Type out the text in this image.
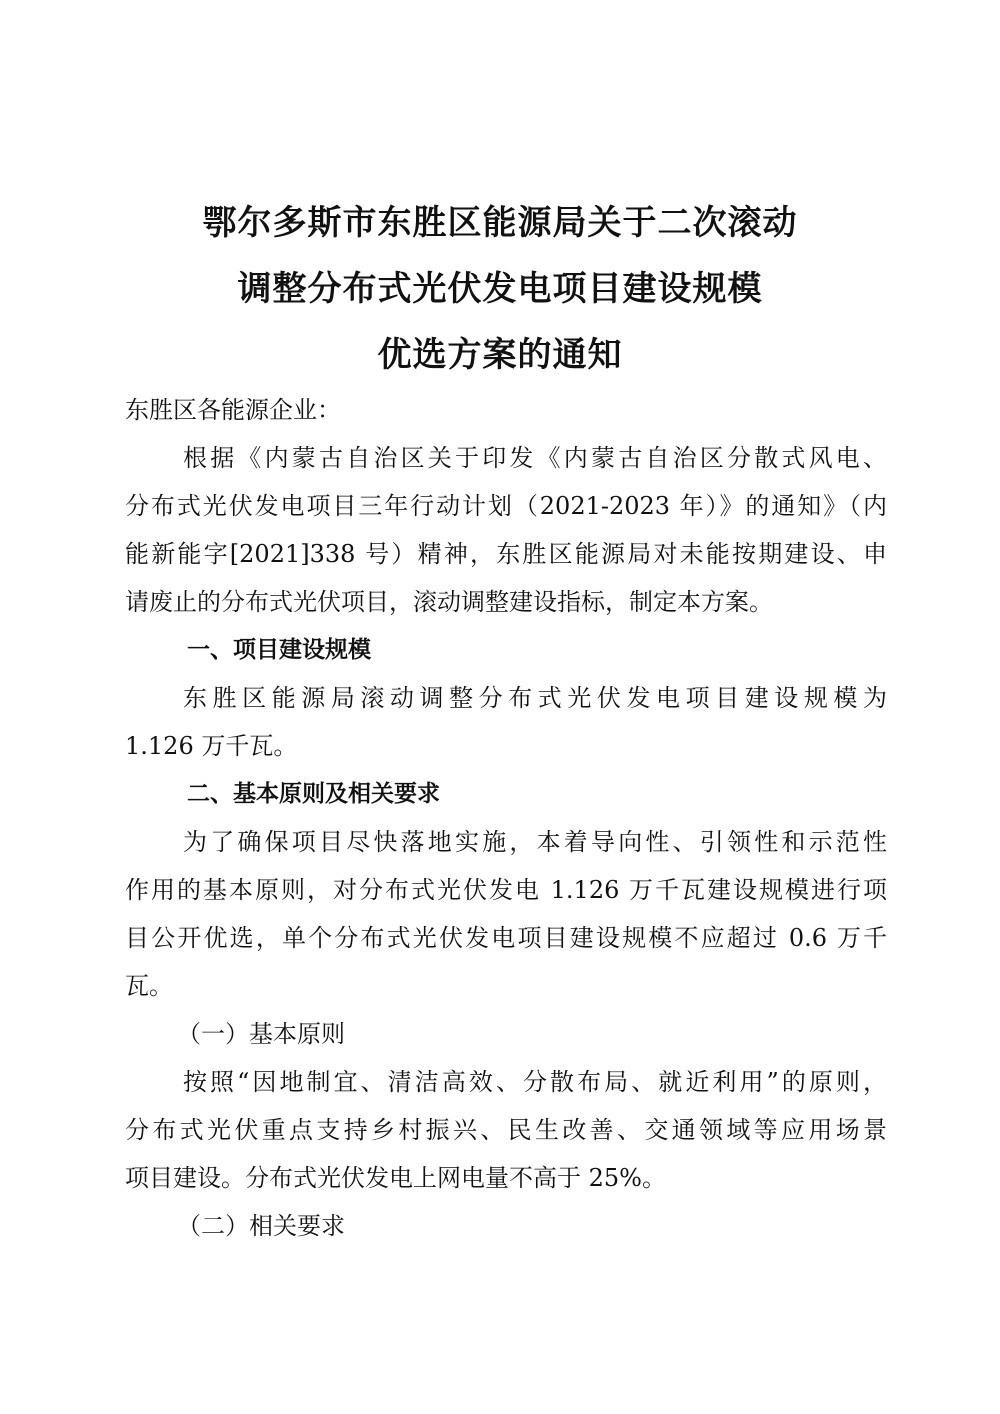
鄂尔多斯市东胜区能源局关于二次滚动
调整分布式光伏发电项目建设规模
优选方案的通知
东胜区各能源企业：
根据《内蒙古自治区关于印发《内蒙古自治区分散式风电、
分布式光伏发电项目三年行动计划（2021-2023 年）》的通知》（内
能新能字[2021]338 号）精神，东胜区能源局对未能按期建设、申
请废止的分布式光伏项目，滚动调整建设指标，制定本方案。
一、项目建设规模
东胜区能源局滚动调整分布式光伏发电项目建设规模为
1.126 万千瓦。
二、基本原则及相关要求
为了确保项目尽快落地实施，本着导向性、引领性和示范性
作用的基本原则，对分布式光伏发电 1.126 万千瓦建设规模进行项
目公开优选，单个分布式光伏发电项目建设规模不应超过 0.6 万千
瓦。
（一）基本原则
按照“因地制宜、清洁高效、分散布局、就近利用”的原则，
分布式光伏重点支持乡村振兴、民生改善、交通领域等应用场景
项目建设。分布式光伏发电上网电量不高于 25%。
（二）相关要求
